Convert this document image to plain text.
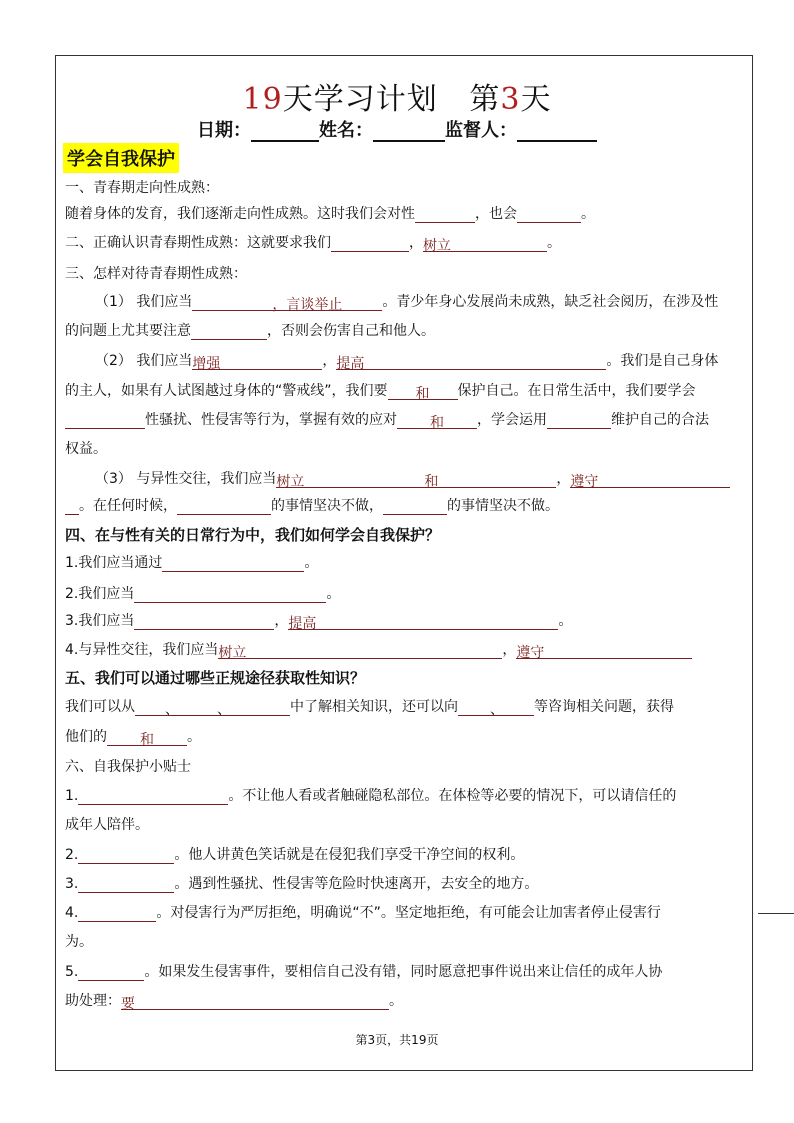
19天学习计划 第3天
日期：	姓名：	监督人：
学会自我保护
一、青春期走向性成熟：
随着身体的发育，我们逐渐走向性成熟。这时我们会对性	，也会	。
二、正确认识青春期性成熟：这就要求我们	，树立	。
三、怎样对待青春期性成熟：
（1） 我们应当	，言谈举止	。青少年身心发展尚未成熟，缺乏社会阅历，在涉及性
的问题上尤其要注意	，否则会伤害自己和他人。
（2） 我们应当增强	，提高	。我们是自己身体
的主人，如果有人试图越过身体的“警戒线”，我们要 和 保护自己。在日常生活中，我们要学会
性骚扰、性侵害等行为，掌握有效的应对 和 ，学会运用	维护自己的合法
权益。
（3） 与异性交往，我们应当树立	和	，遵守
。在任何时候，	的事情坚决不做，	的事情坚决不做。
四、在与性有关的日常行为中，我们如何学会自我保护？
1.我们应当通过	。
2.我们应当	。
3.我们应当	，提高	。
4.与异性交往，我们应当树立	，遵守
五、我们可以通过哪些正规途径获取性知识？
我们可以从 、	、	中了解相关知识，还可以向 、 等咨询相关问题，获得
他们的 和 。
六、自我保护小贴士
1.	。不让他人看或者触碰隐私部位。在体检等必要的情况下，可以请信任的
成年人陪伴。
2.	。他人讲黄色笑话就是在侵犯我们享受干净空间的权利。
3.	。遇到性骚扰、性侵害等危险时快速离开，去安全的地方。
4.	。对侵害行为严厉拒绝，明确说“不”。坚定地拒绝，有可能会让加害者停止侵害行
为。
5.	。如果发生侵害事件，要相信自己没有错，同时愿意把事件说出来让信任的成年人协
助处理：要	。
第3页，共19页
